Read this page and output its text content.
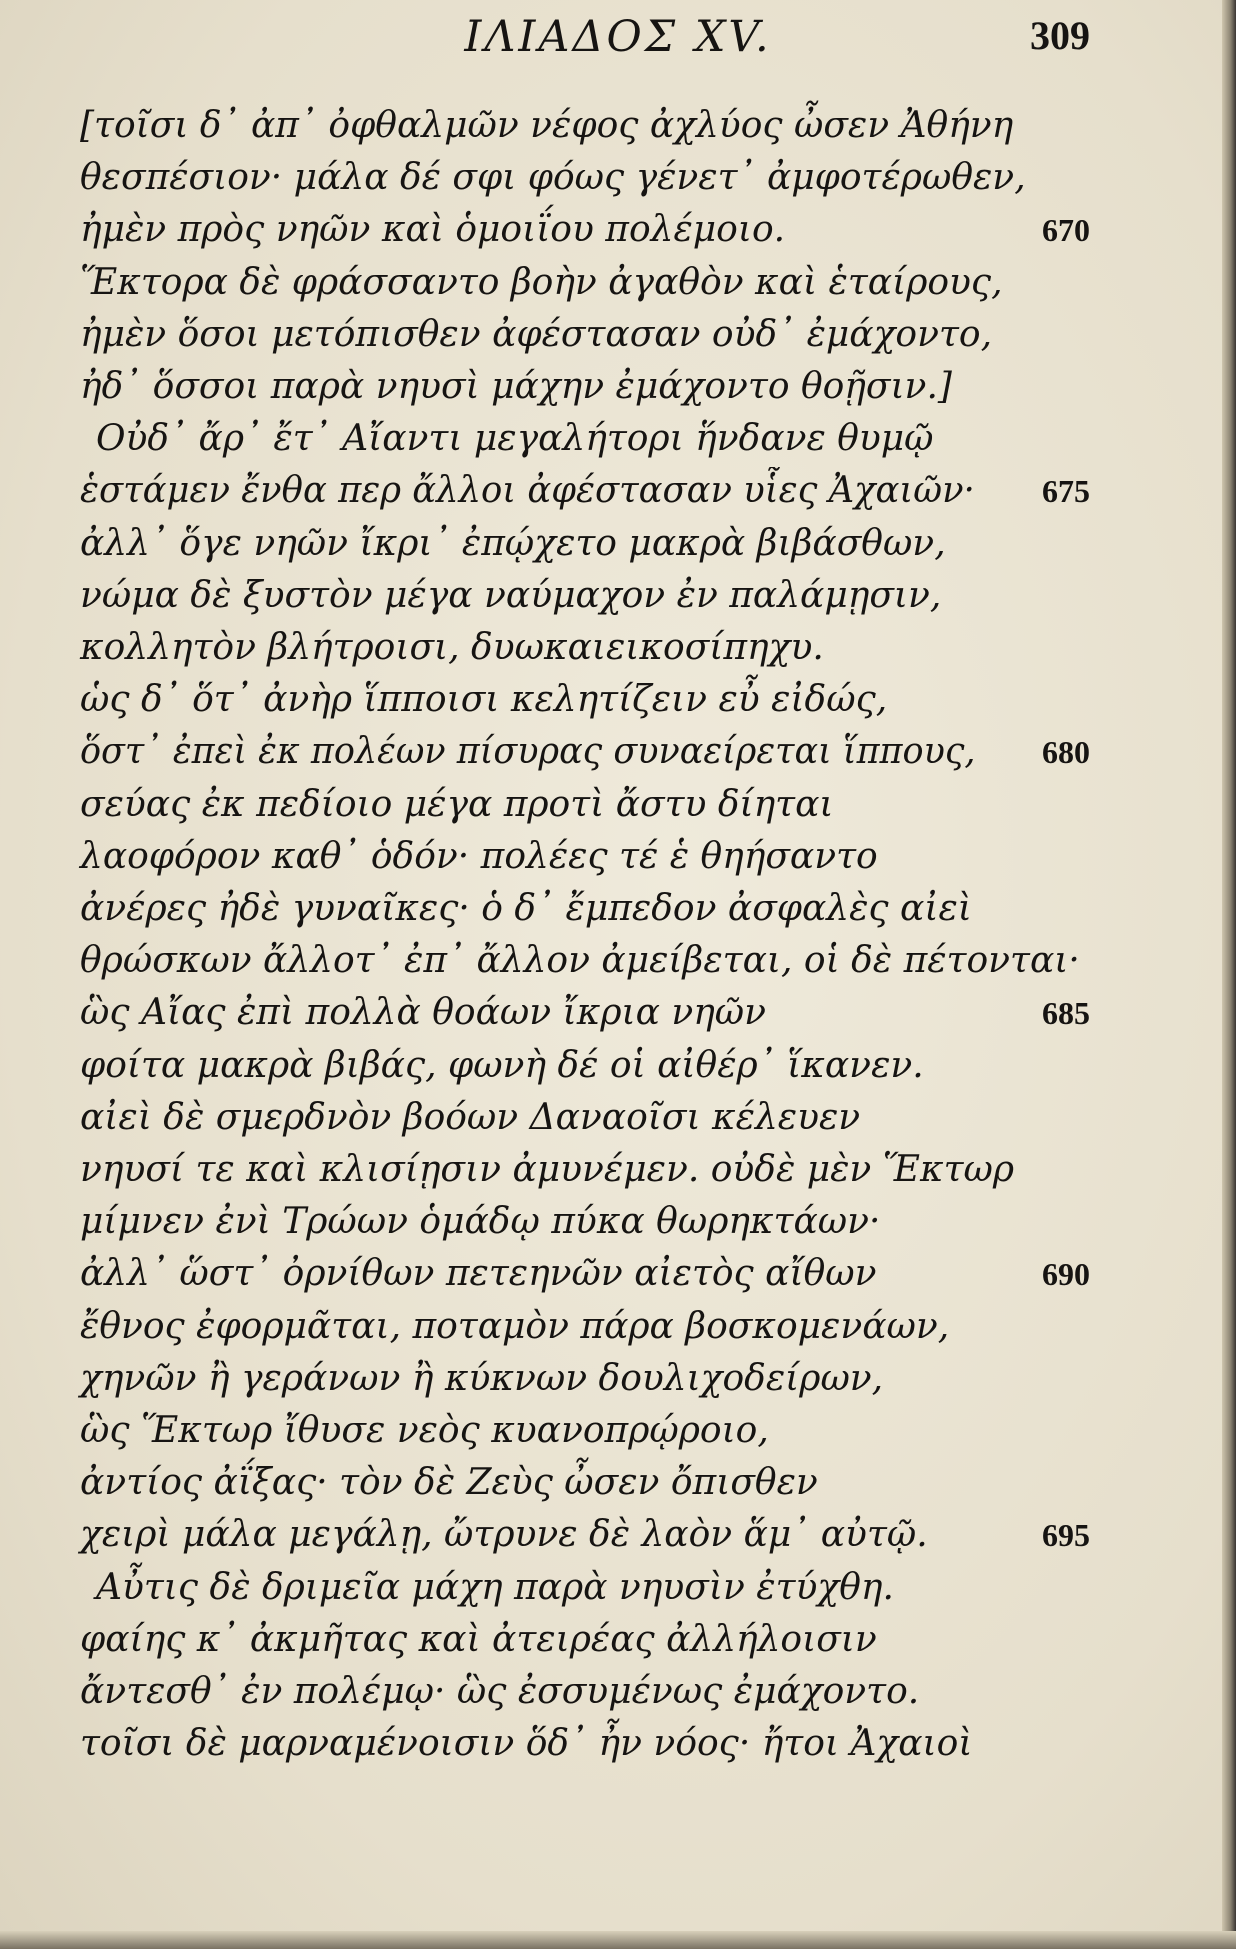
ΙΛΙΑΔΟΣ XV.	309
[τοῖσι δ᾽ ἀπ᾽ ὀφθαλμῶν νέφος ἀχλύος ὦσεν Ἀθήνη
θεσπέσιον· μάλα δέ σφι φόως γένετ᾽ ἀμφοτέρωθεν,
ἠμὲν πρὸς νηῶν καὶ ὁμοιΐου πολέμοιο.	670
Ἕκτορα δὲ φράσσαντο βοὴν ἀγαθὸν καὶ ἑταίρους,
ἠμὲν ὅσοι μετόπισθεν ἀφέστασαν οὐδ᾽ ἐμάχοντο,
ἠδ᾽ ὅσσοι παρὰ νηυσὶ μάχην ἐμάχοντο θοῇσιν.]
Οὐδ᾽ ἄρ᾽ ἔτ᾽ Αἴαντι μεγαλήτορι ἥνδανε θυμῷ
ἑστάμεν ἔνθα περ ἄλλοι ἀφέστασαν υἷες Ἀχαιῶν·	675
ἀλλ᾽ ὅγε νηῶν ἴκρι᾽ ἐπῴχετο μακρὰ βιβάσθων,
νώμα δὲ ξυστὸν μέγα ναύμαχον ἐν παλάμῃσιν,
κολλητὸν βλήτροισι, δυωκαιεικοσίπηχυ.
ὡς δ᾽ ὅτ᾽ ἀνὴρ ἵπποισι κελητίζειν εὖ εἰδώς,
ὅστ᾽ ἐπεὶ ἐκ πολέων πίσυρας συναείρεται ἵππους,	680
σεύας ἐκ πεδίοιο μέγα προτὶ ἄστυ δίηται
λαοφόρον καθ᾽ ὁδόν· πολέες τέ ἑ θηήσαντο
ἀνέρες ἠδὲ γυναῖκες· ὁ δ᾽ ἔμπεδον ἀσφαλὲς αἰεὶ
θρώσκων ἄλλοτ᾽ ἐπ᾽ ἄλλον ἀμείβεται, οἱ δὲ πέτονται·
ὣς Αἴας ἐπὶ πολλὰ θοάων ἴκρια νηῶν	685
φοίτα μακρὰ βιβάς, φωνὴ δέ οἱ αἰθέρ᾽ ἵκανεν.
αἰεὶ δὲ σμερδνὸν βοόων Δαναοῖσι κέλευεν
νηυσί τε καὶ κλισίῃσιν ἀμυνέμεν. οὐδὲ μὲν Ἕκτωρ
μίμνεν ἐνὶ Τρώων ὁμάδῳ πύκα θωρηκτάων·
ἀλλ᾽ ὥστ᾽ ὀρνίθων πετεηνῶν αἰετὸς αἴθων	690
ἔθνος ἐφορμᾶται, ποταμὸν πάρα βοσκομενάων,
χηνῶν ἢ γεράνων ἢ κύκνων δουλιχοδείρων,
ὣς Ἕκτωρ ἴθυσε νεὸς κυανοπρῴροιο,
ἀντίος ἀΐξας· τὸν δὲ Ζεὺς ὦσεν ὄπισθεν
χειρὶ μάλα μεγάλῃ, ὤτρυνε δὲ λαὸν ἅμ᾽ αὐτῷ.	695
Αὖτις δὲ δριμεῖα μάχη παρὰ νηυσὶν ἐτύχθη.
φαίης κ᾽ ἀκμῆτας καὶ ἀτειρέας ἀλλήλοισιν
ἄντεσθ᾽ ἐν πολέμῳ· ὣς ἐσσυμένως ἐμάχοντο.
τοῖσι δὲ μαρναμένοισιν ὅδ᾽ ἦν νόος· ἤτοι Ἀχαιοὶ
